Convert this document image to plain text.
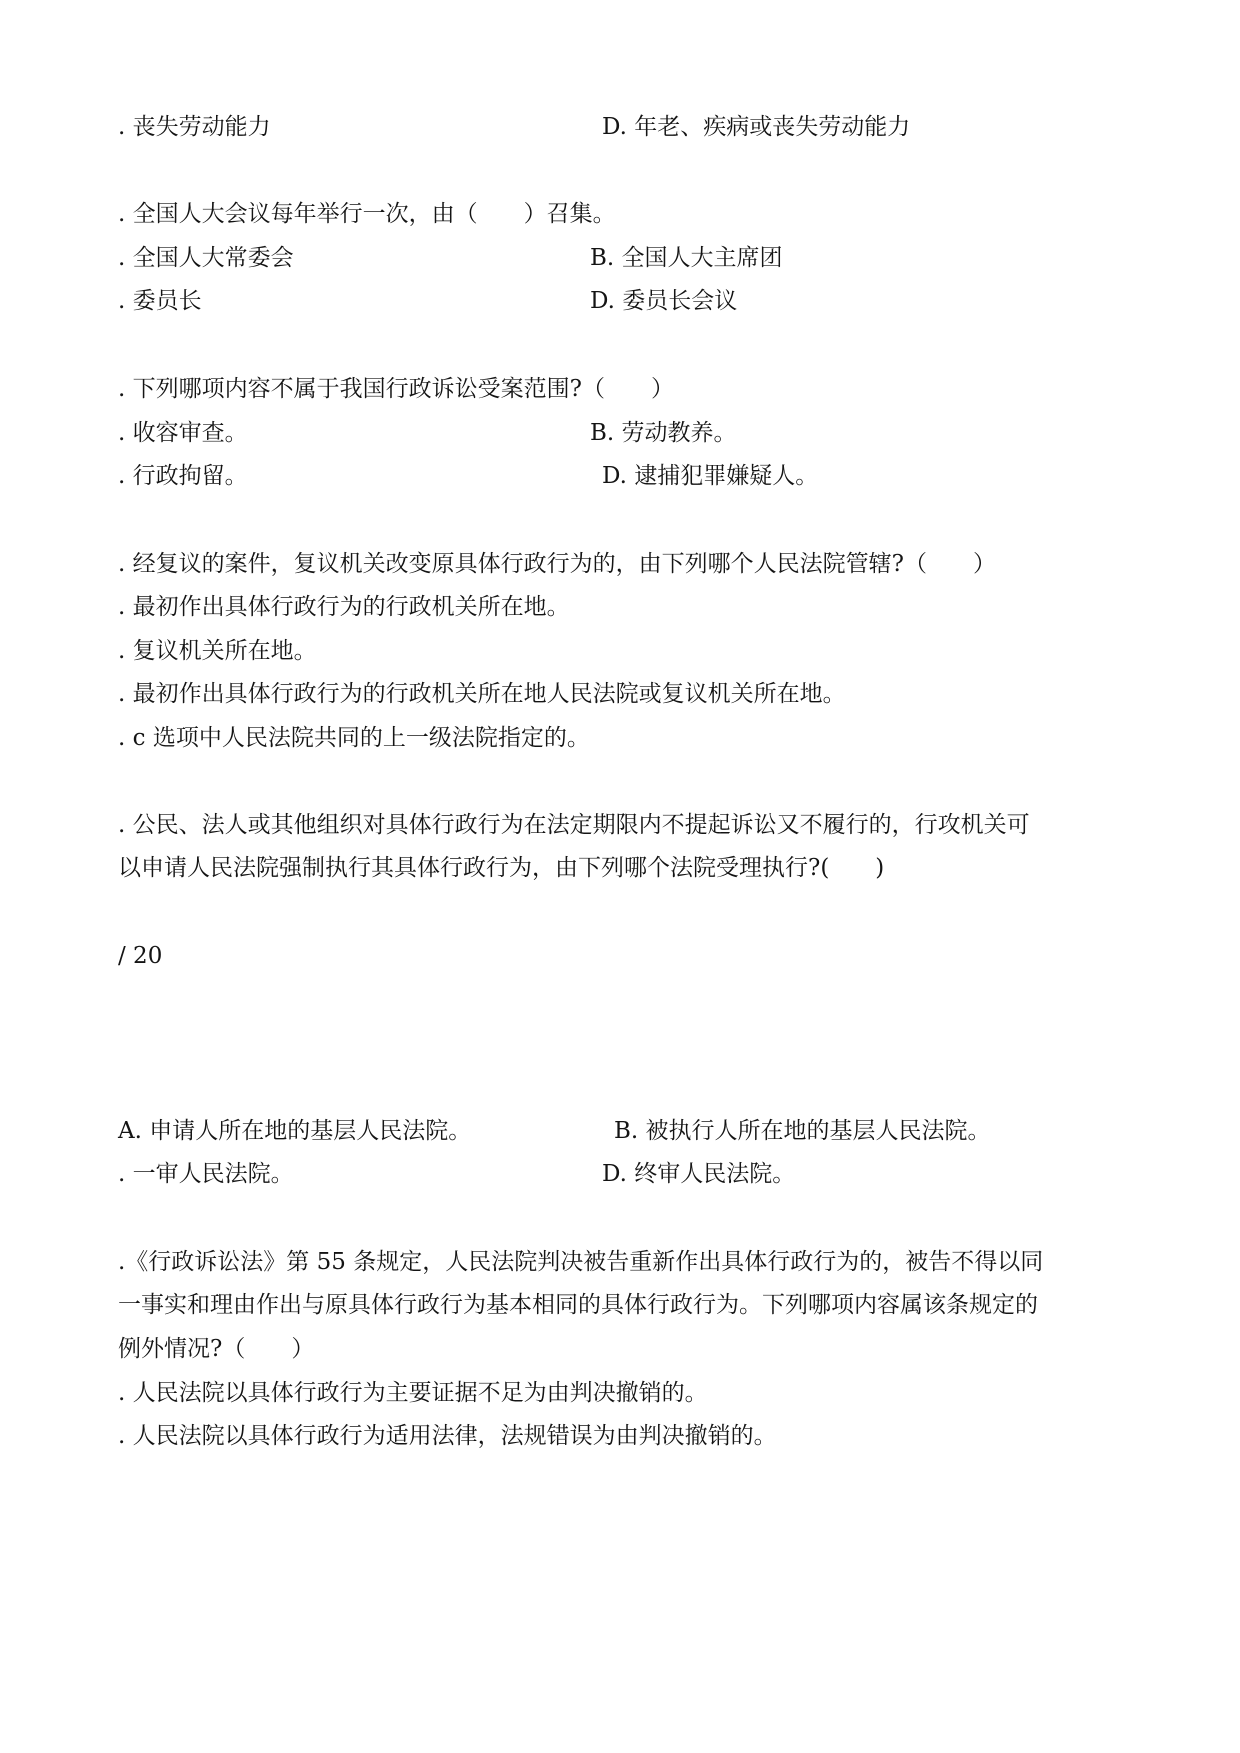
. 丧失劳动能力	D. 年老、疾病或丧失劳动能力
. 全国人大会议每年举行一次，由（　　）召集。
. 全国人大常委会	B. 全国人大主席团
. 委员长	D. 委员长会议
. 下列哪项内容不属于我国行政诉讼受案范围?（　　）
. 收容审查。	B. 劳动教养。
. 行政拘留。	D. 逮捕犯罪嫌疑人。
. 经复议的案件，复议机关改变原具体行政行为的，由下列哪个人民法院管辖?（　　）
. 最初作出具体行政行为的行政机关所在地。
. 复议机关所在地。
. 最初作出具体行政行为的行政机关所在地人民法院或复议机关所在地。
. c 选项中人民法院共同的上一级法院指定的。
. 公民、法人或其他组织对具体行政行为在法定期限内不提起诉讼又不履行的，行攻机关可
以申请人民法院强制执行其具体行政行为，由下列哪个法院受理执行?(　　)
/ 20
A. 申请人所在地的基层人民法院。	B. 被执行人所在地的基层人民法院。
. 一审人民法院。	D. 终审人民法院。
.《行政诉讼法》第 55 条规定，人民法院判决被告重新作出具体行政行为的，被告不得以同
一事实和理由作出与原具体行政行为基本相同的具体行政行为。下列哪项内容属该条规定的
例外情况?（　　）
. 人民法院以具体行政行为主要证据不足为由判决撤销的。
. 人民法院以具体行政行为适用法律，法规错误为由判决撤销的。
